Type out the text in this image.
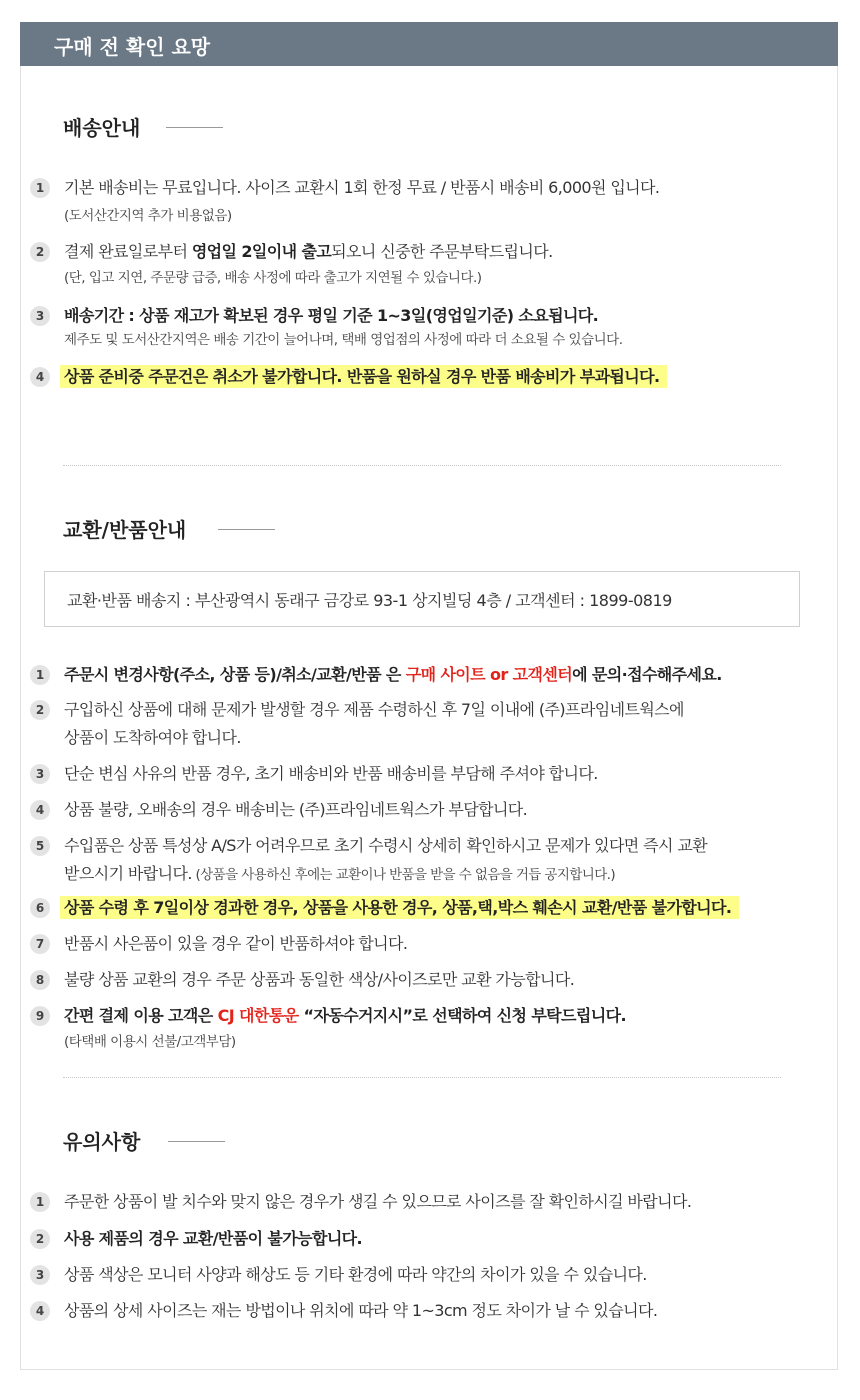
구매 전 확인 요망
배송안내
1	기본 배송비는 무료입니다. 사이즈 교환시 1회 한정 무료 / 반품시 배송비 6,000원 입니다.
(도서산간지역 추가 비용없음)
2	결제 완료일로부터 영업일 2일이내 출고되오니 신중한 주문부탁드립니다.
(단, 입고 지연, 주문량 급증, 배송 사정에 따라 출고가 지연될 수 있습니다.)
3	배송기간 : 상품 재고가 확보된 경우 평일 기준 1~3일(영업일기준) 소요됩니다.
제주도 및 도서산간지역은 배송 기간이 늘어나며, 택배 영업점의 사정에 따라 더 소요될 수 있습니다.
4	상품 준비중 주문건은 취소가 불가합니다. 반품을 원하실 경우 반품 배송비가 부과됩니다.
교환/반품안내
교환·반품 배송지 : 부산광역시 동래구 금강로 93-1 상지빌딩 4층 / 고객센터 : 1899-0819
1	주문시 변경사항(주소, 상품 등)/취소/교환/반품 은 구매 사이트 or 고객센터에 문의·접수해주세요.
2	구입하신 상품에 대해 문제가 발생할 경우 제품 수령하신 후 7일 이내에 (주)프라임네트웍스에
상품이 도착하여야 합니다.
3	단순 변심 사유의 반품 경우, 초기 배송비와 반품 배송비를 부담해 주셔야 합니다.
4	상품 불량, 오배송의 경우 배송비는 (주)프라임네트웍스가 부담합니다.
5	수입품은 상품 특성상 A/S가 어려우므로 초기 수령시 상세히 확인하시고 문제가 있다면 즉시 교환
받으시기 바랍니다. (상품을 사용하신 후에는 교환이나 반품을 받을 수 없음을 거듭 공지합니다.)
6	상품 수령 후 7일이상 경과한 경우, 상품을 사용한 경우, 상품,택,박스 훼손시 교환/반품 불가합니다.
7	반품시 사은품이 있을 경우 같이 반품하셔야 합니다.
8	불량 상품 교환의 경우 주문 상품과 동일한 색상/사이즈로만 교환 가능합니다.
9	간편 결제 이용 고객은 CJ 대한통운 “자동수거지시”로 선택하여 신청 부탁드립니다.
(타택배 이용시 선불/고객부담)
유의사항
1	주문한 상품이 발 치수와 맞지 않은 경우가 생길 수 있으므로 사이즈를 잘 확인하시길 바랍니다.
2	사용 제품의 경우 교환/반품이 불가능합니다.
3	상품 색상은 모니터 사양과 해상도 등 기타 환경에 따라 약간의 차이가 있을 수 있습니다.
4	상품의 상세 사이즈는 재는 방법이나 위치에 따라 약 1~3cm 정도 차이가 날 수 있습니다.
